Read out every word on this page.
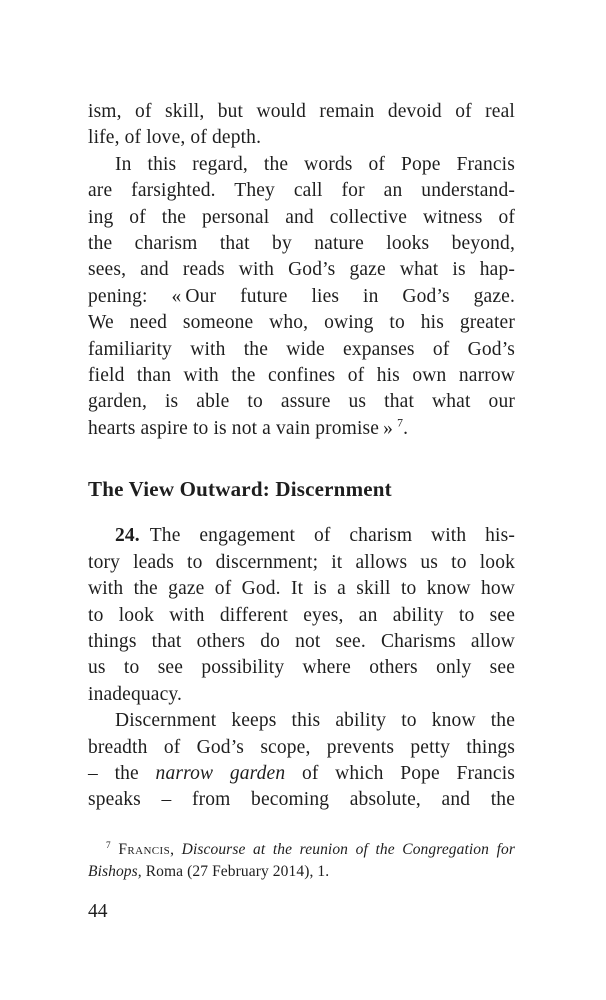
ism, of skill, but would remain devoid of real
life, of love, of depth.
In this regard, the words of Pope Francis
are farsighted. They call for an understand-
ing of the personal and collective witness of
the charism that by nature looks beyond,
sees, and reads with God’s gaze what is hap-
pening: « Our future lies in God’s gaze.
We need someone who, owing to his greater
familiarity with the wide expanses of God’s
field than with the confines of his own narrow
garden, is able to assure us that what our
hearts aspire to is not a vain promise » $^7$.
The View Outward: Discernment
24. The engagement of charism with his-
tory leads to discernment; it allows us to look
with the gaze of God. It is a skill to know how
to look with different eyes, an ability to see
things that others do not see. Charisms allow
us to see possibility where others only see
inadequacy.
Discernment keeps this ability to know the
breadth of God’s scope, prevents petty things
– the narrow garden of which Pope Francis
speaks – from becoming absolute, and the
$^7$ Francis, Discourse at the reunion of the Congregation for
Bishops, Roma (27 February 2014), 1.
44
